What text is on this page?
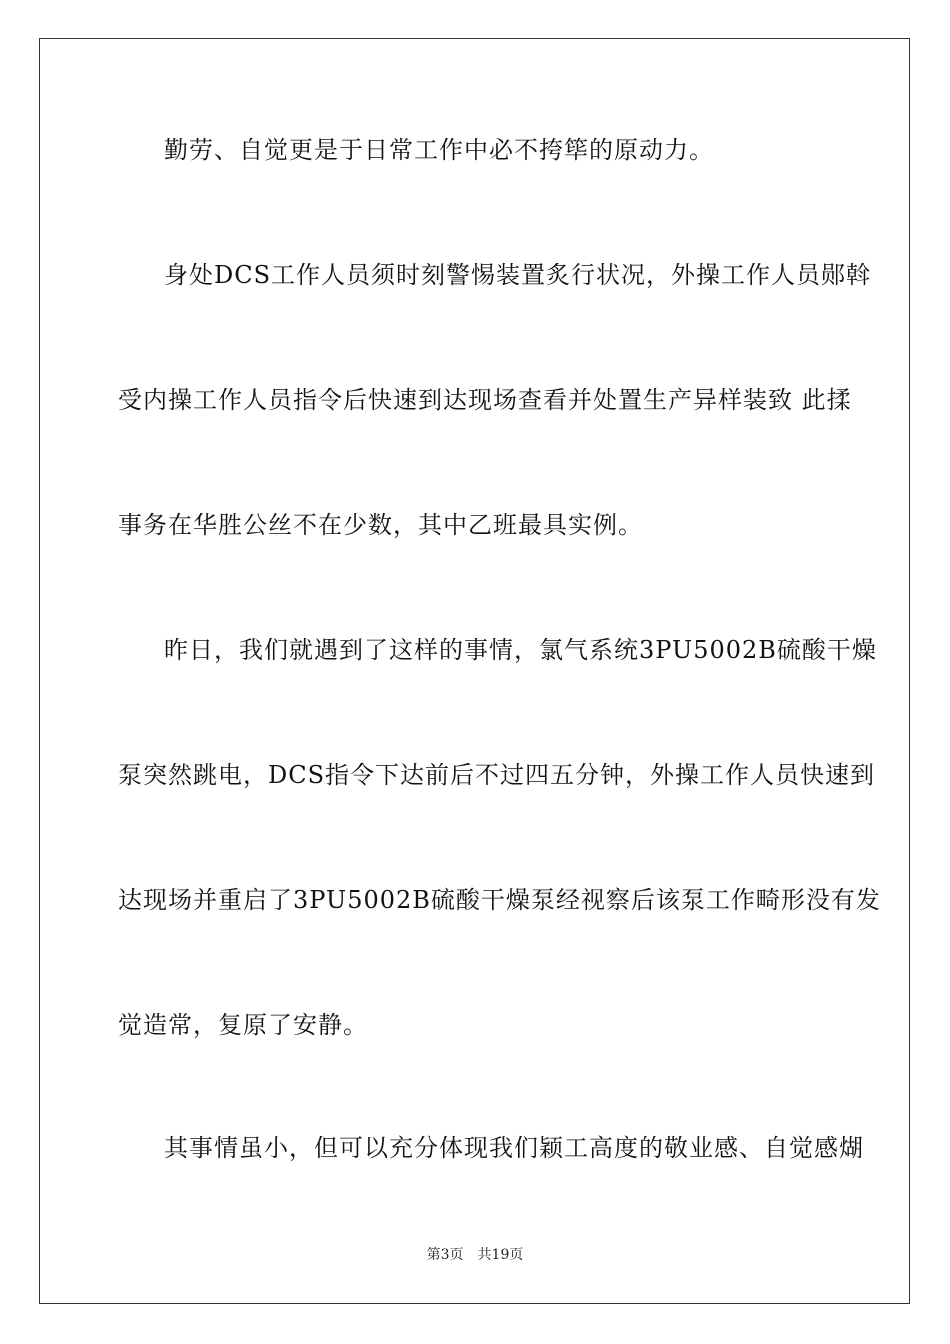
勤劳、自觉更是于日常工作中必不挎筚的原动力。
身处DCS工作人员须时刻警惕装置炙行状况，外操工作人员郧斡
受内操工作人员指令后快速到达现场查看并处置生产异样装致 此揉
事务在华胜公丝不在少数，其中乙班最具实例。
昨日，我们就遇到了这样的事情，氯气系统3PU5002B硫酸干燥
泵突然跳电，DCS指令下达前后不过四五分钟，外操工作人员快速到
达现场并重启了3PU5002B硫酸干燥泵经视察后该泵工作畸形没有发
觉造常，复原了安静。
其事情虽小，但可以充分体现我们颖工高度的敬业感、自觉感煳
第3页 共19页
